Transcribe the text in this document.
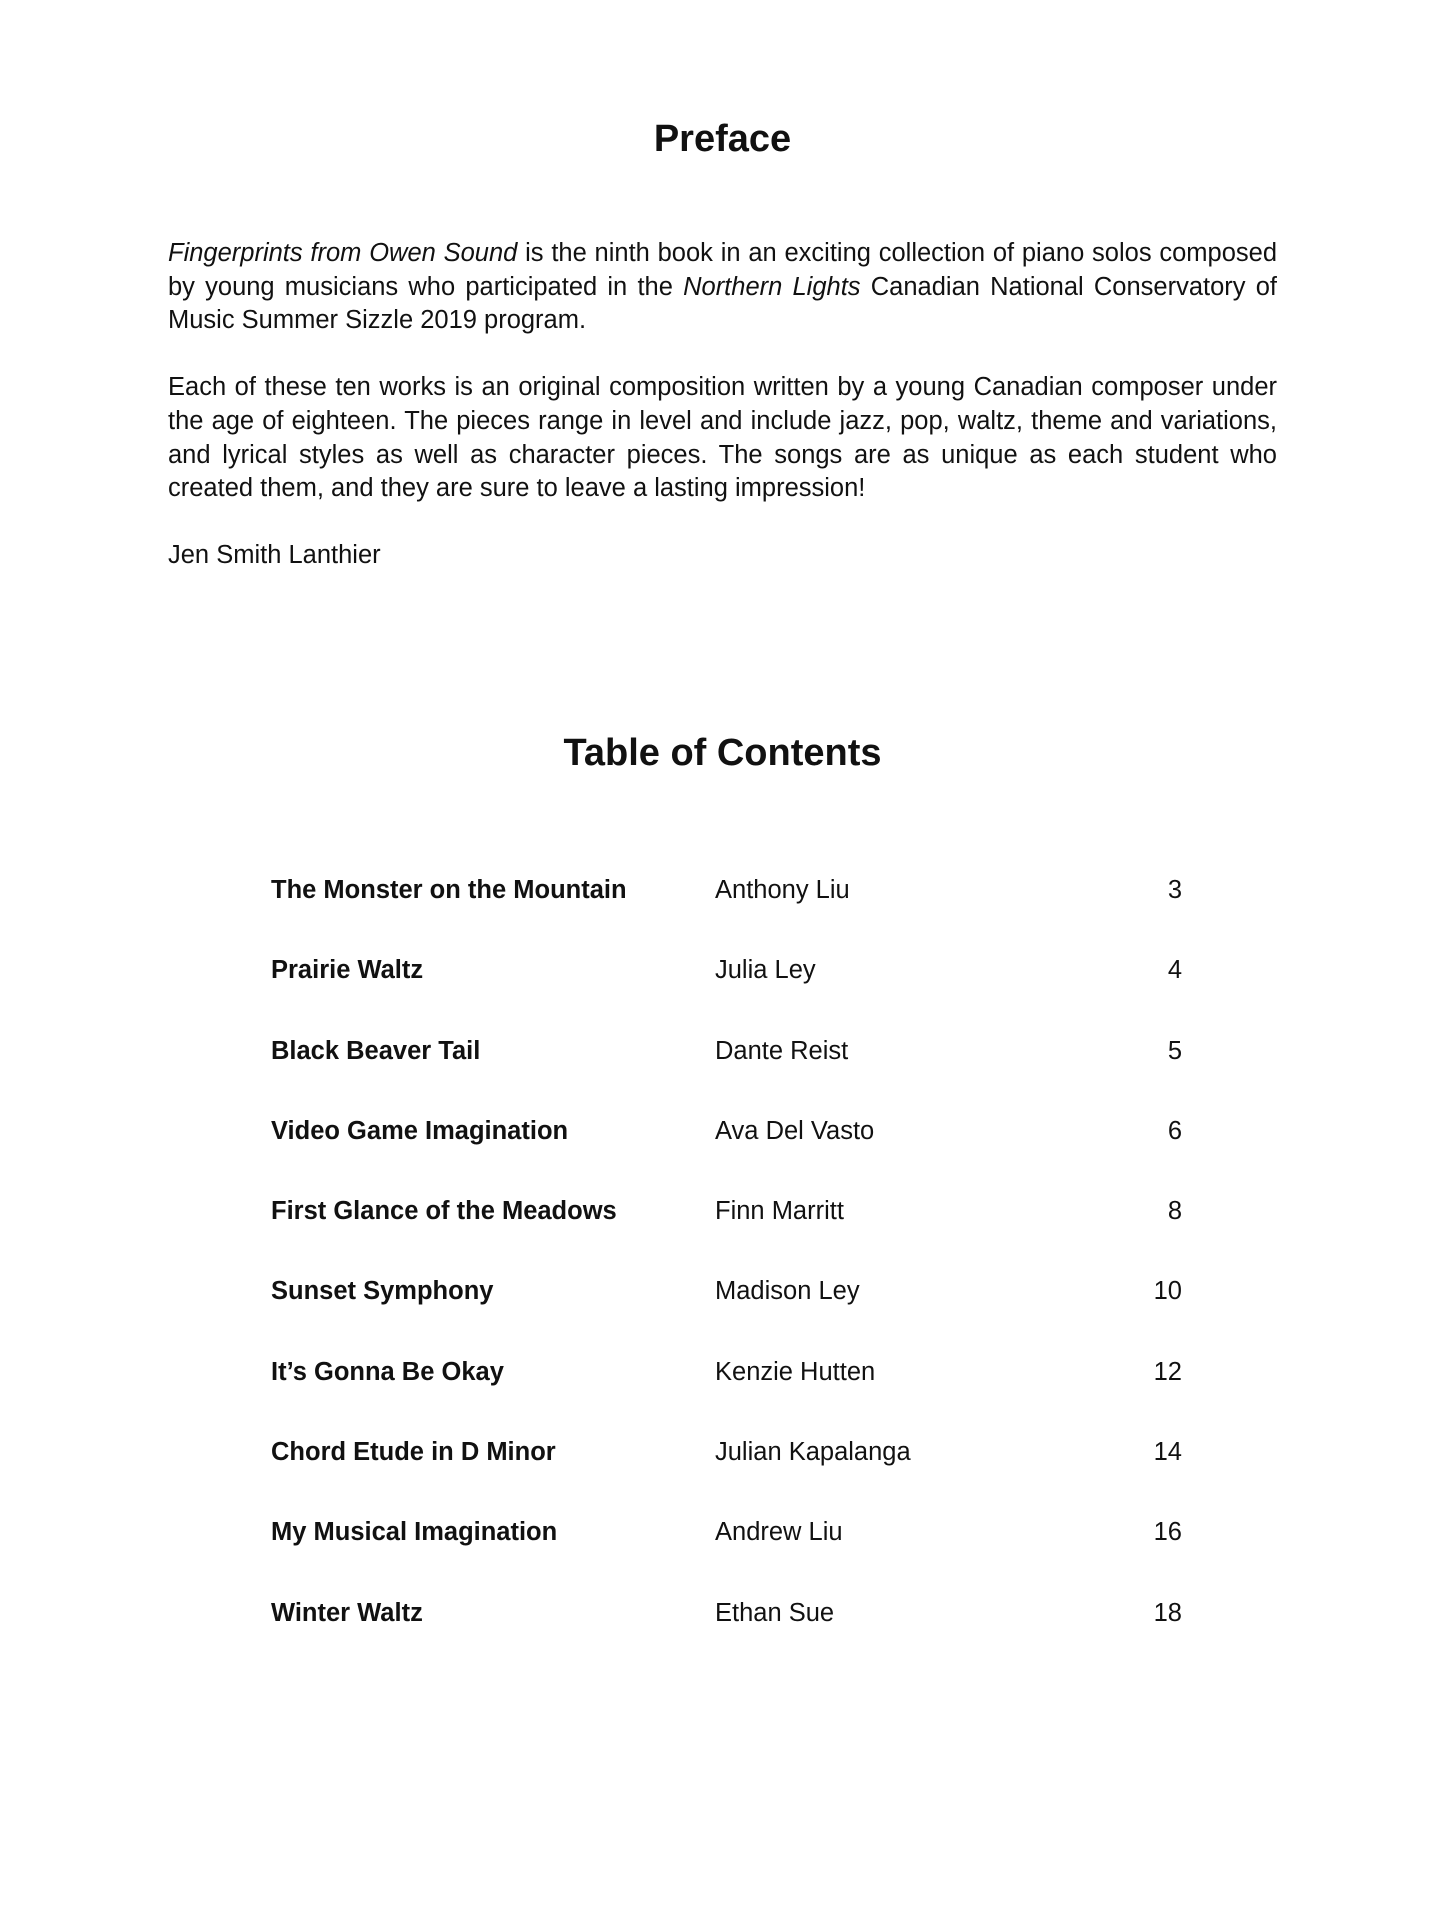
Preface

Fingerprints from Owen Sound is the ninth book in an exciting collection of piano solos composed by young musicians who participated in the Northern Lights Canadian National Conservatory of Music Summer Sizzle 2019 program.

Each of these ten works is an original composition written by a young Canadian composer under the age of eighteen. The pieces range in level and include jazz, pop, waltz, theme and variations, and lyrical styles as well as character pieces. The songs are as unique as each student who created them, and they are sure to leave a lasting impression!

Jen Smith Lanthier

Table of Contents
The Monster on the Mountain	Anthony Liu	3
Prairie Waltz	Julia Ley	4
Black Beaver Tail	Dante Reist	5
Video Game Imagination	Ava Del Vasto	6
First Glance of the Meadows	Finn Marritt	8
Sunset Symphony	Madison Ley	10
It’s Gonna Be Okay	Kenzie Hutten	12
Chord Etude in D Minor	Julian Kapalanga	14
My Musical Imagination	Andrew Liu	16
Winter Waltz	Ethan Sue	18
